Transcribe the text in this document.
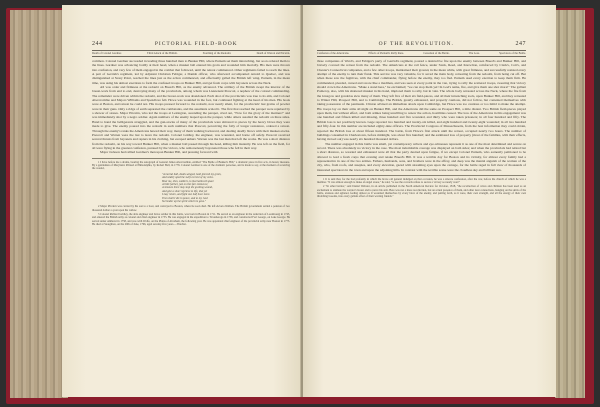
244	PICTORIAL FIELD-BOOK
Death of Colonel Gardner.	Third Attack of the British.	Storming of the Redoubt.	Death of Warren and Pitcairn.

common. Colonel Gardner succeeded in leading three hundred men to Bunker Hill, where Putnam set them intrenching, but soon ordered them to the lines. Gardner was advancing boldly at their head, when a musket ball entered his groin and wounded him mortally. His men were thrown into confusion, and very few of them engaged in the combat that followed, until the retreat commenced. Other regiments failed to reach the lines. A part of Gerrish's regiment, led by Adjutant Christian Febiger, a Danish officer, who afterward accompanied Arnold to Quebec, and was distinguished at Stony Point, reached the lines just as the action commenced, and effectually galled the British left wing. Putnam, in the mean time, was using his utmost exertions to form the confused troops on Bunker Hill, and get fresh corps with bayonets across the Neck.

All was order and firmness at the redoubt on Breed's Hill, as the enemy advanced. The artillery of the British swept the interior of the breast-work from end to end, destroying many of the provincials, among whom was Lieutenant Prescott, a nephew of the colonel commanding. The remainder were driven within the redoubt, and the breast-work was abandoned. Each shot of the provincials was true to its aim, and Colonel Abercrombie and Majors Williams and Spendlove fell. Howe was wounded in the foot, but continued fighting at the head of his men. His boats were at Boston, and retreat he could not. His troops pressed forward to the redoubt, now nearly silent, for the provincials' last grains of powder were in their guns. Only a ridge of earth separated the combatants, and the assailants scaled it. The first that reached the parapet were repulsed by a shower of stones. Major Pitcairn, who led the troops at Lexington, ascending the parapet, cried out, "Now for the glory of the marines!" and was immediately shot by a negro soldier. Again numbers of the enemy leaped upon the parapet, while others assailed the redoubt on three sides. Hand to hand the belligerents struggled, and the gun-stocks of many of the provincials were shivered to pieces by the heavy blows they were made to give. The enemy poured into the redoubt in such numbers that Prescott, perceiving the folly of longer resistance, ordered a retreat. Through the enemy's ranks the Americans hewed their way, many of them walking backward, and dealing deadly blows with their musket-stocks. Prescott and Warren were the last to leave the redoubt. Colonel Gridley, the engineer, was wounded, and borne off safely. Prescott received several thrusts from bayonets and rapiers in his clothing, but escaped unhurt. Warren was the last man that left the works. He was a short distance from the redoubt, on his way toward Bunker Hill, when a musket ball passed through his head, killing him instantly. He was left on the field, for all were flying in the greatest confusion, pursued by the victors, who remorselessly bayoneted those who fell in their way.

Major Jackson had rallied Gardner's men upon Bunker Hill, and pressing forward with

1 I have before me a drama, bearing the autograph of General James Abercrombie, entitled "The Battle of Bunker's Hill," a dramatic piece in five acts, in heroic measure. By a gentleman of Maryland. Printed at Philadelphia, by Robert Bell, in 1776. Colonel Gardner is one of the dramatic personae, and is made to say, at the moment of receiving the wound,

"A mortal ball, death-winged, hath pierced my groin,
And widely oped the swift current of my veins.
Bear me, then, soldiers, to that hallow'd space
A little farther, just on this fair eminence;
A sheaves there may stop the gushing wound,
And give a short reprieve to life, that yet
I may return, and fight one half hour more.
Then shall I die in peace, and to my God
Surrender up the spirit which he gave."

2 Major Pitcairn was carried by his son to a boat, and conveyed to Boston, where he soon died. He left eleven children. The British government settled a pension of two thousand dollars a year upon his widow.

3 Colonel Richard Gridley, the able engineer and brave soldier in this battle, was born in Boston in 1711. He served as an engineer in the reduction of Louisbourg in 1745, and entered the British army as colonel and chief engineer in 1755. He was engaged in the expedition to Ticonderoga in 1756, and constructed Fort George, on Lake George. He served under Amherst in 1758, and was with Wolfe, on the Plains of Abraham, the following year. He was appointed chief engineer of the provincial army near Boston in 1775. He died at Stoughton, on the 20th of June, 1796, aged seventy-five years.—Thacher.

OF THE REVOLUTION.	247
Confusion of the Americans.	Effects of Putnam's Rally there.	Cessation of the Battle.	The Loss.	Spectators of the Battle.

three companies of Ward's, and Febiger's party of Gerrish's regiment, poured a destructive fire upon the enemy between Breed's and Bunker Hill, and bravely covered the retreat from the redoubt. The Americans at the rail fence, under Stark, Reed, and Knowlton, reinforced by Clark's, Coit's, and Chester's Connecticut companies, and a few other troops, maintained their ground, in the mean while, with great firmness, and successfully resisted every attempt of the enemy to turn their flank. This service was very valuable, for it saved the main body, retreating from the redoubt, from being cut off. But when these saw the fugitives, with the chief commander, flying before the enemy, they too fled. Putnam used every exertion to keep them firm. He commanded, pleaded, cursed and swore like a madman, and was seen at every point in the van, trying to rally the scattered troops, swearing that victory should crown the Americans. "Make a stand here," he exclaimed; "we can stop them yet! In God's name, fire, and give them one shot more!" The gallant Pomeroy, also, with his shattered musket in his hand, implored them to rally, but in vain. The whole body retreated across the Neck, where the fire from the Glasgow and gondolas slew many of them. They left five of their six field-pieces, and all their intrenching tools, upon Bunker Hill, and they retreated to Winter Hill, Prospect Hill, and to Cambridge. The British, greatly exhausted, and properly cautious, did not follow, but contented themselves with taking possession of the peninsula. Clinton advised an immediate attack upon Cambridge, but Howe was too cautious or too timid to make the attempt. His troops lay on their arms all night on Bunker Hill, and the Americans did the same on Prospect Hill, a mile distant. Two British field-pieces played upon them, but without effect, and both armies being unwilling to renew the action, hostilities ceased. The loss of the Americans in this engagement was one hundred and fifteen killed and missing, three hundred and five wounded, and thirty who were taken prisoners; in all four hundred and fifty. The British loss is not positively known. Gage reported two hundred and twenty-six killed, and eight hundred and twenty-eight wounded; in all two hundred and fifty-four. In this number are included eighty-nine officers. The Provincial Congress of Massachusetts, from the best information they could obtain, reported the British loss at about fifteen hundred. The battle, from Howe's first attack until the retreat, occupied nearly two hours. The number of buildings consumed in Charlestown, before midnight, was about five hundred; and the estimated loss of property (most of the families, with their effects, having moved out) was nearly six hundred thousand dollars.

The number engaged in this battle was small, yet contemporary writers and eye-witnesses represent it as one of the most determined and severe on record. There was absolutely no victory in the case. The most indomitable courage was displayed on both sides; and when the provincials had retired but a short distance, so wearied and exhausted were all that the party desired upon fatigue, if we except Colonel Putnam, who earnestly petitioned to be allowed to lead a fresh corps that evening and retake Breed's Hill. It was a terrible day for Boston and its vicinity, for almost every family had a representative in one of the two armies. Fathers, husbands, sons, and brothers were in the affray, and deep was the mental anguish of the women of the city, who, from roofs, and steeples, and every elevation, gazed with streaming eyes upon the carnage, for the battle raged in full view of thousands of interested spectators in the town and upon the adjoining hills. In contrast with the terrible scene were the cloudless sky and brilliant sun.

1 It is said that, for the bad profanity in which the brave old general indulged on that occasion, he was a sincere confession, after the war, before the church of which he was a member. "It was almost enough to make an angel swear," he said, "to see the cowards refuse to secure a victory so nearly won!"

2 "In other battles," said Daniel Webster, in an article published in the North American Review for October, 1818, "the recollection of wives and children has been used as an excitement to animate the warrior's breast and to nerve his arm. Here was not a mere recollection, but an actual presence of them, and other dear connections, hanging on the skirts of the battle, anxious and agitated, feeling almost as if wounded themselves by every blow of the enemy, and putting forth, as it were, their own strength, and all the energy of their own throbbing bosoms, into every gallant effort of their warring friends."
